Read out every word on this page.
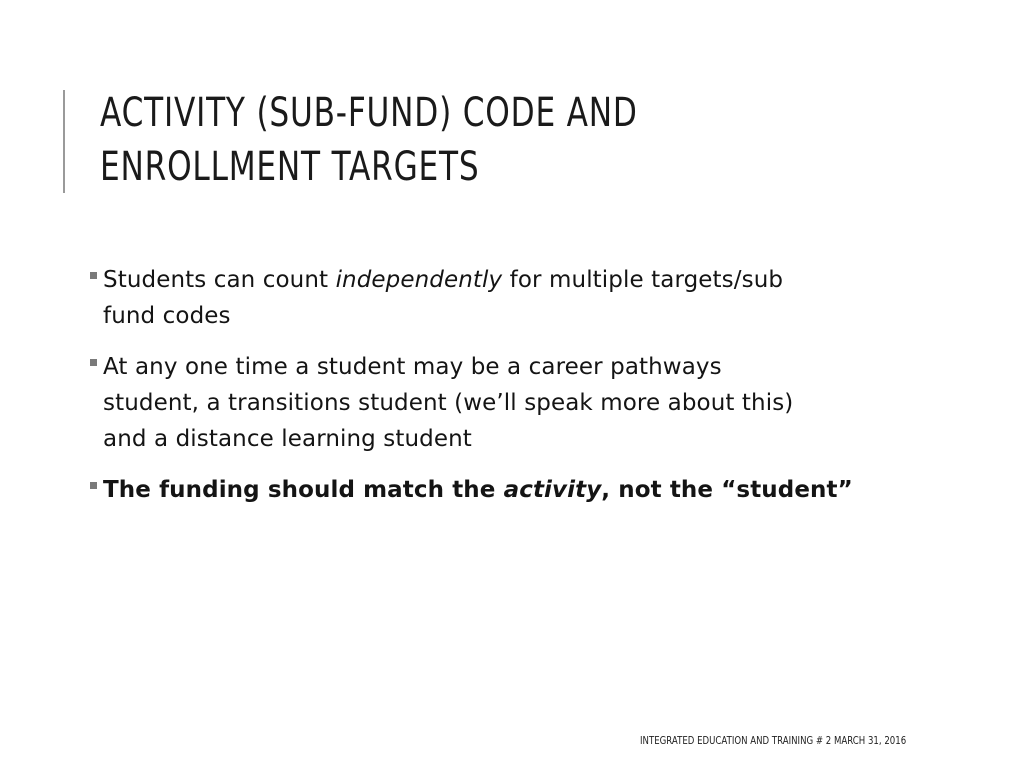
ACTIVITY (SUB-FUND) CODE AND
ENROLLMENT TARGETS
Students can count independently for multiple targets/sub
fund codes
At any one time a student may be a career pathways
student, a transitions student (we’ll speak more about this)
and a distance learning student
The funding should match the activity, not the “student”
INTEGRATED EDUCATION AND TRAINING # 2 MARCH 31, 2016
